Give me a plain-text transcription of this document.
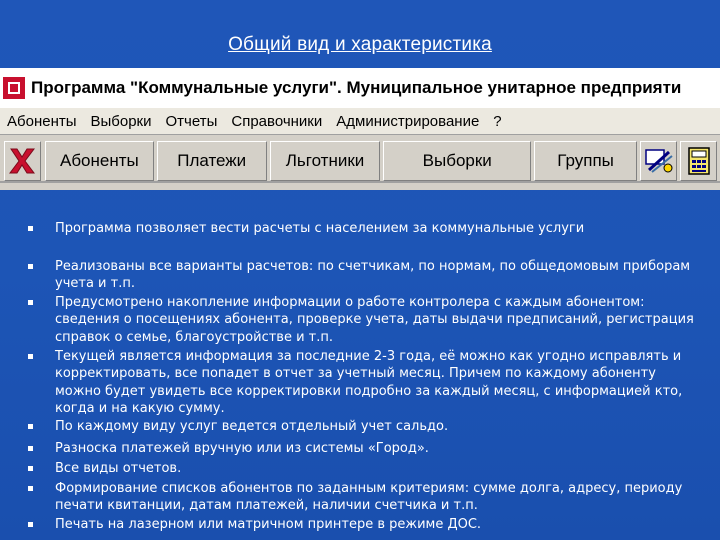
Общий вид и характеристика
Программа "Коммунальные услуги". Муниципальное унитарное предприяти
Абоненты Выборки Отчеты Справочники Администрирование ?
Абоненты	Платежи	Льготники	Выборки	Группы
Программа позволяет вести расчеты с населением за коммунальные услуги
Реализованы все варианты расчетов: по счетчикам, по нормам, по общедомовым приборам учета и т.п.
Предусмотрено накопление информации о работе контролера с каждым абонентом: сведения о посещениях абонента, проверке учета, даты выдачи предписаний, регистрация справок о семье, благоустройстве и т.п.
Текущей является информация за последние 2-3 года, её можно как угодно исправлять и корректировать, все попадет в отчет за учетный месяц. Причем по каждому абоненту можно будет увидеть все корректировки подробно за каждый месяц, с информацией кто, когда и на какую сумму.
По каждому виду услуг ведется отдельный учет сальдо.
Разноска платежей вручную или из системы «Город».
Все виды отчетов.
Формирование списков абонентов по заданным критериям: сумме долга, адресу, периоду печати квитанции, датам платежей, наличии счетчика и т.п.
Печать на лазерном или матричном принтере в режиме ДОС.
